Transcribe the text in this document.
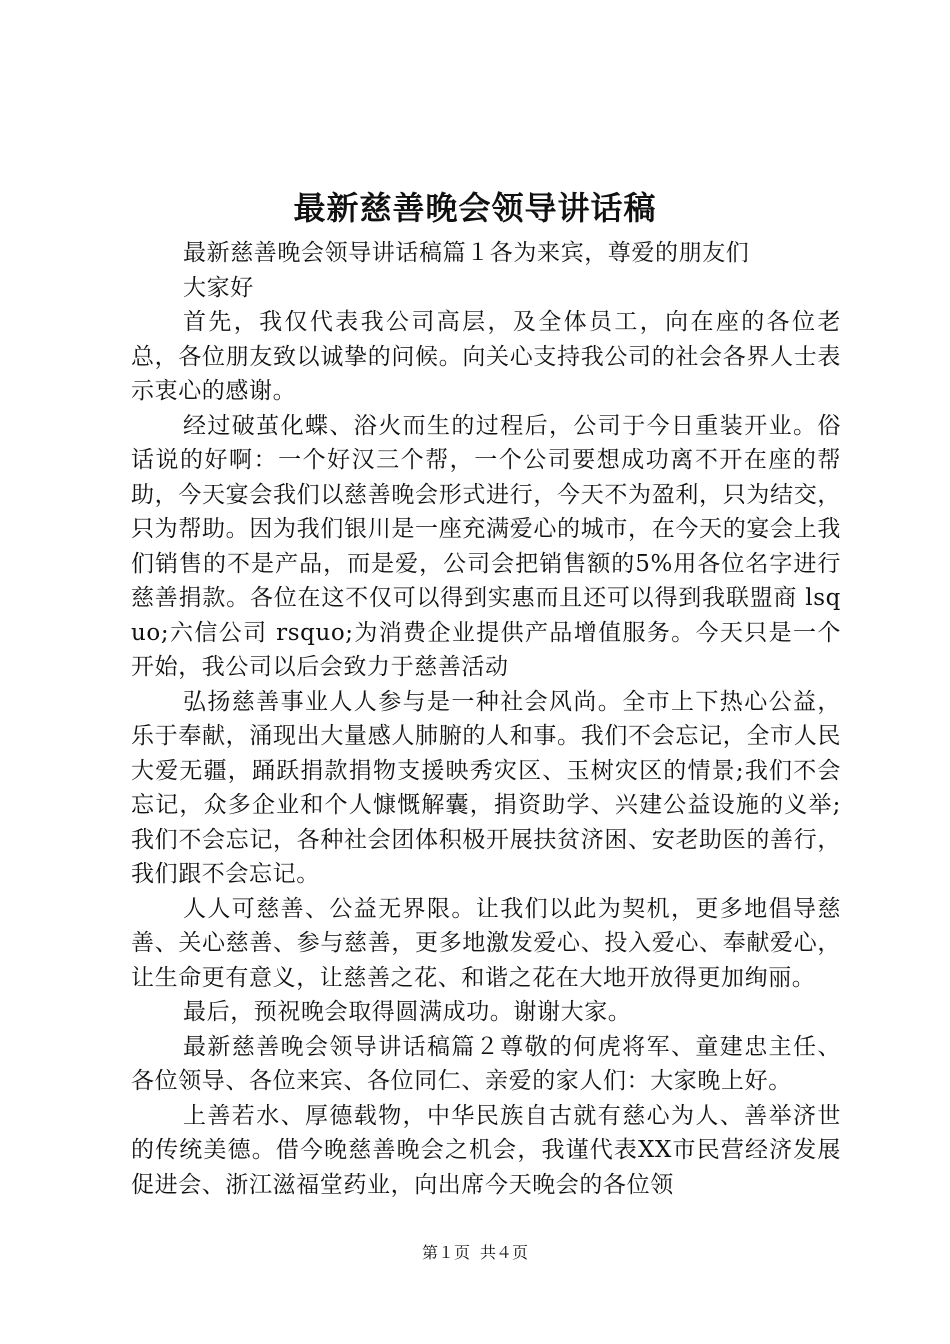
最新慈善晚会领导讲话稿

最新慈善晚会领导讲话稿篇１各为来宾，尊爱的朋友们

大家好

首先，我仅代表我公司高层，及全体员工，向在座的各位老总，各位朋友致以诚挚的问候。向关心支持我公司的社会各界人士表示衷心的感谢。

经过破茧化蝶、浴火而生的过程后，公司于今日重装开业。俗话说的好啊：一个好汉三个帮，一个公司要想成功离不开在座的帮助，今天宴会我们以慈善晚会形式进行，今天不为盈利，只为结交，只为帮助。因为我们银川是一座充满爱心的城市，在今天的宴会上我们销售的不是产品，而是爱，公司会把销售额的5%用各位名字进行慈善捐款。各位在这不仅可以得到实惠而且还可以得到我联盟商 lsquo;六信公司 rsquo;为消费企业提供产品增值服务。今天只是一个开始，我公司以后会致力于慈善活动

弘扬慈善事业人人参与是一种社会风尚。全市上下热心公益，乐于奉献，涌现出大量感人肺腑的人和事。我们不会忘记，全市人民大爱无疆，踊跃捐款捐物支援映秀灾区、玉树灾区的情景;我们不会忘记，众多企业和个人慷慨解囊，捐资助学、兴建公益设施的义举;我们不会忘记，各种社会团体积极开展扶贫济困、安老助医的善行，我们跟不会忘记。

人人可慈善、公益无界限。让我们以此为契机，更多地倡导慈善、关心慈善、参与慈善，更多地激发爱心、投入爱心、奉献爱心，让生命更有意义，让慈善之花、和谐之花在大地开放得更加绚丽。

最后，预祝晚会取得圆满成功。谢谢大家。

最新慈善晚会领导讲话稿篇２尊敬的何虎将军、童建忠主任、各位领导、各位来宾、各位同仁、亲爱的家人们：大家晚上好。

上善若水、厚德载物，中华民族自古就有慈心为人、善举济世的传统美德。借今晚慈善晚会之机会，我谨代表XX市民营经济发展促进会、浙江滋福堂药业，向出席今天晚会的各位领

第１页 共４页
